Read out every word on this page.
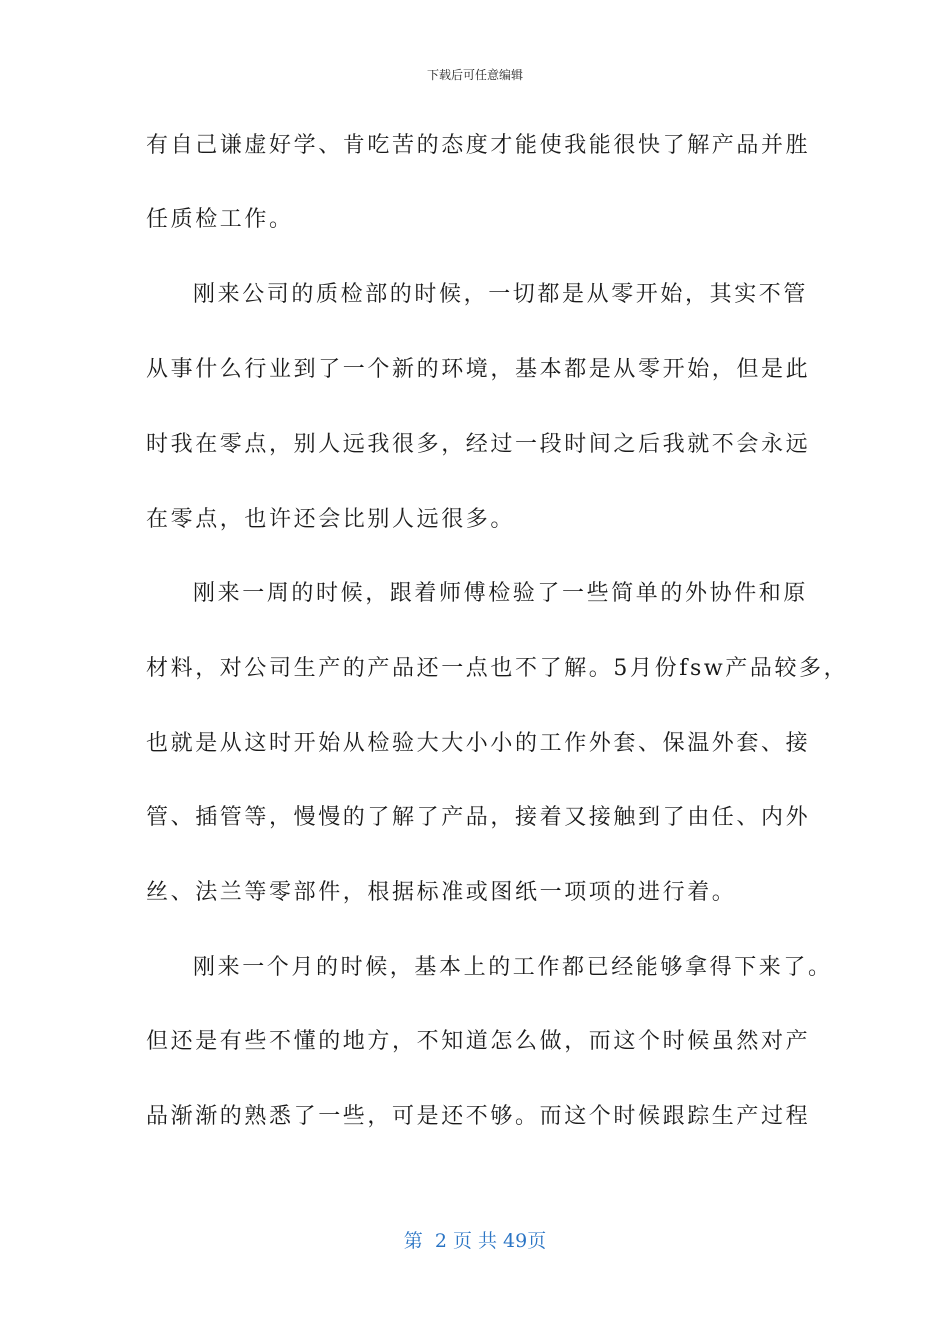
下载后可任意编辑
有自己谦虚好学、肯吃苦的态度才能使我能很快了解产品并胜
任质检工作。
刚来公司的质检部的时候，一切都是从零开始，其实不管
从事什么行业到了一个新的环境，基本都是从零开始，但是此
时我在零点，别人远我很多，经过一段时间之后我就不会永远
在零点，也许还会比别人远很多。
刚来一周的时候，跟着师傅检验了一些简单的外协件和原
材料，对公司生产的产品还一点也不了解。5月份fsw产品较多，
也就是从这时开始从检验大大小小的工作外套、保温外套、接
管、插管等，慢慢的了解了产品，接着又接触到了由任、内外
丝、法兰等零部件，根据标准或图纸一项项的进行着。
刚来一个月的时候，基本上的工作都已经能够拿得下来了。
但还是有些不懂的地方，不知道怎么做，而这个时候虽然对产
品渐渐的熟悉了一些，可是还不够。而这个时候跟踪生产过程
第  2 页 共 49页
